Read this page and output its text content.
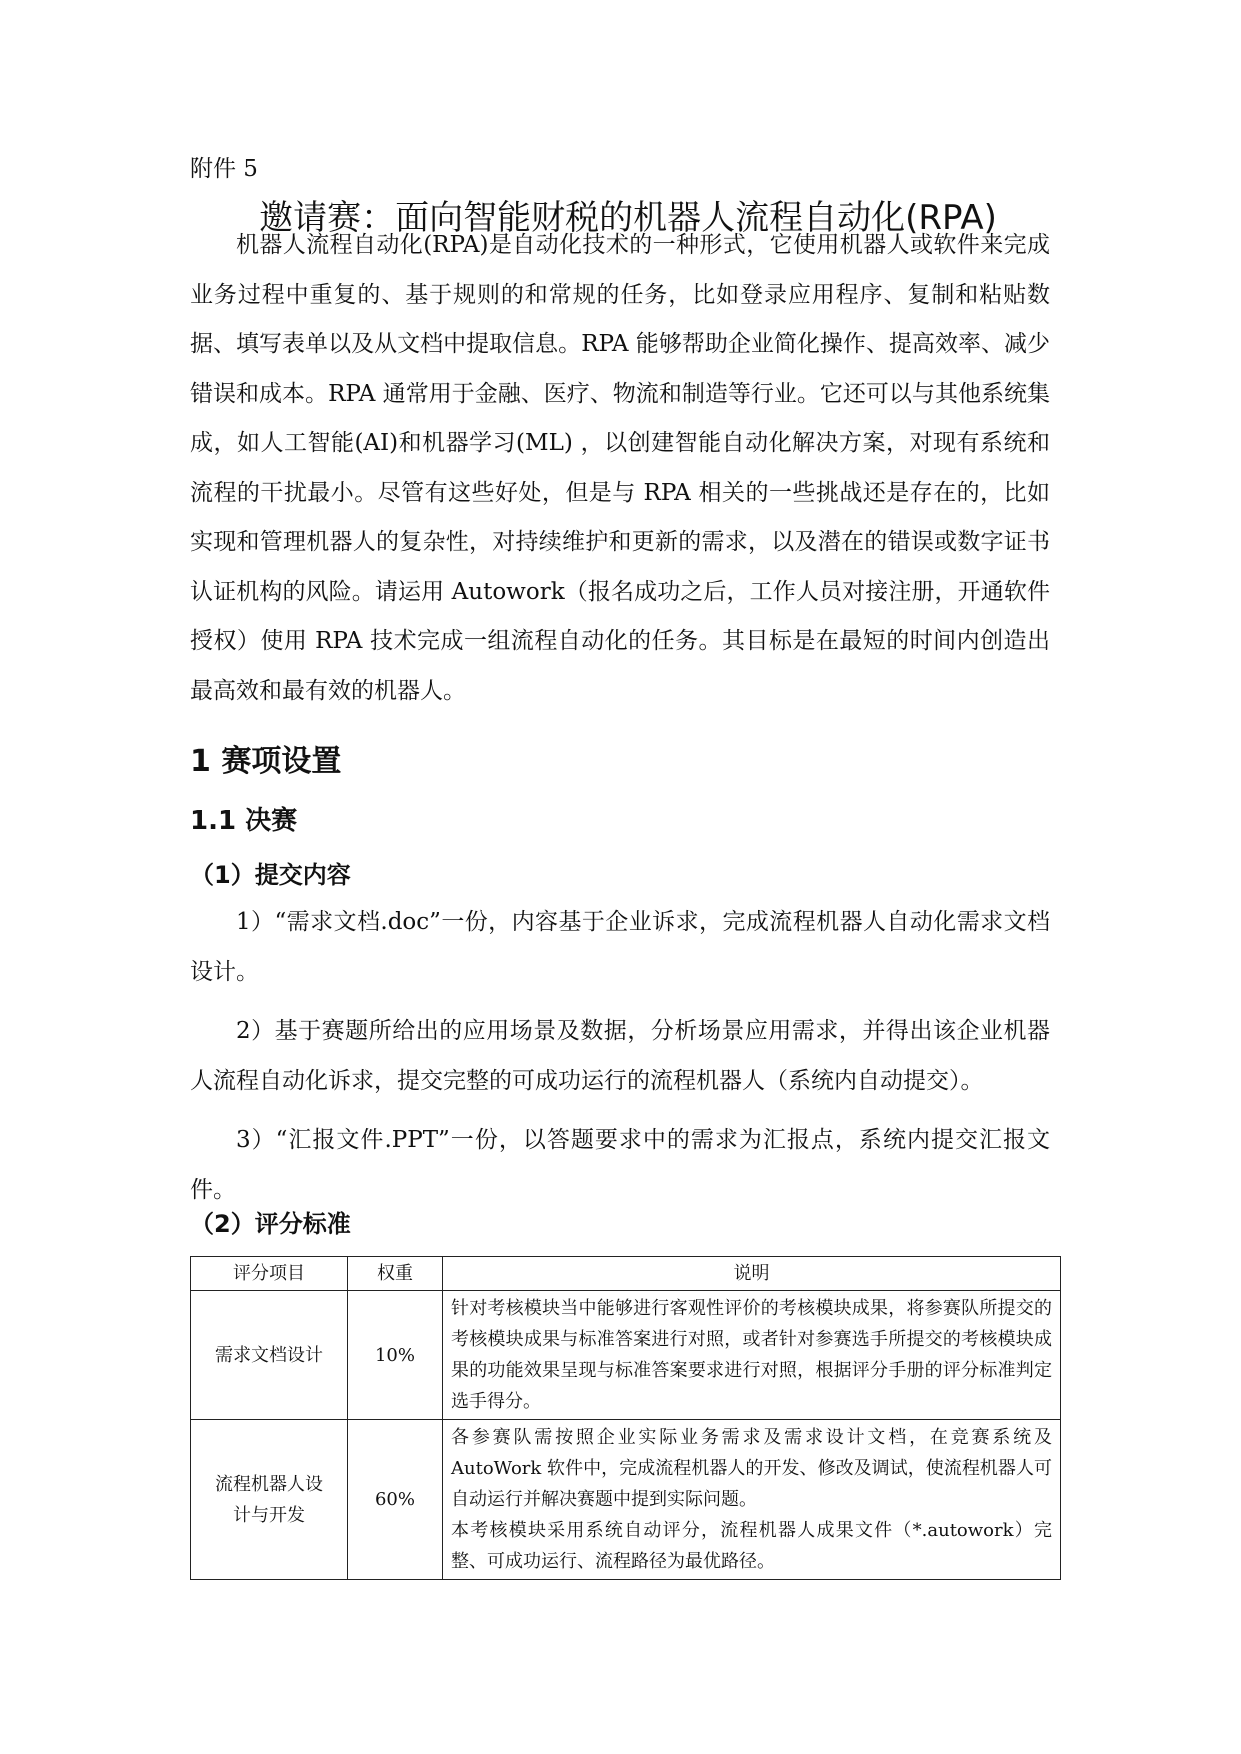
附件 5
邀请赛：面向智能财税的机器人流程自动化(RPA)

机器人流程自动化(RPA)是自动化技术的一种形式，它使用机器人或软件来完成业务过程中重复的、基于规则的和常规的任务，比如登录应用程序、复制和粘贴数据、填写表单以及从文档中提取信息。RPA 能够帮助企业简化操作、提高效率、减少错误和成本。RPA 通常用于金融、医疗、物流和制造等行业。它还可以与其他系统集成，如人工智能(AI)和机器学习(ML) ，以创建智能自动化解决方案，对现有系统和流程的干扰最小。尽管有这些好处，但是与 RPA 相关的一些挑战还是存在的，比如实现和管理机器人的复杂性，对持续维护和更新的需求，以及潜在的错误或数字证书认证机构的风险。请运用 Autowork（报名成功之后，工作人员对接注册，开通软件授权）使用 RPA 技术完成一组流程自动化的任务。其目标是在最短的时间内创造出最高效和最有效的机器人。

1 赛项设置
1.1 决赛
（1）提交内容

1）“需求文档.doc”一份，内容基于企业诉求，完成流程机器人自动化需求文档设计。

2）基于赛题所给出的应用场景及数据，分析场景应用需求，并得出该企业机器人流程自动化诉求，提交完整的可成功运行的流程机器人（系统内自动提交）。

3）“汇报文件.PPT”一份，以答题要求中的需求为汇报点，系统内提交汇报文件。

（2）评分标准
评分项目	权重	说明
需求文档设计	10%	针对考核模块当中能够进行客观性评价的考核模块成果，将参赛队所提交的考核模块成果与标准答案进行对照，或者针对参赛选手所提交的考核模块成果的功能效果呈现与标准答案要求进行对照，根据评分手册的评分标准判定选手得分。

流程机器人设计与开发	60%	各参赛队需按照企业实际业务需求及需求设计文档，在竞赛系统及 AutoWork 软件中，完成流程机器人的开发、修改及调试，使流程机器人可自动运行并解决赛题中提到实际问题。

本考核模块采用系统自动评分，流程机器人成果文件（*.autowork）完整、可成功运行、流程路径为最优路径。
